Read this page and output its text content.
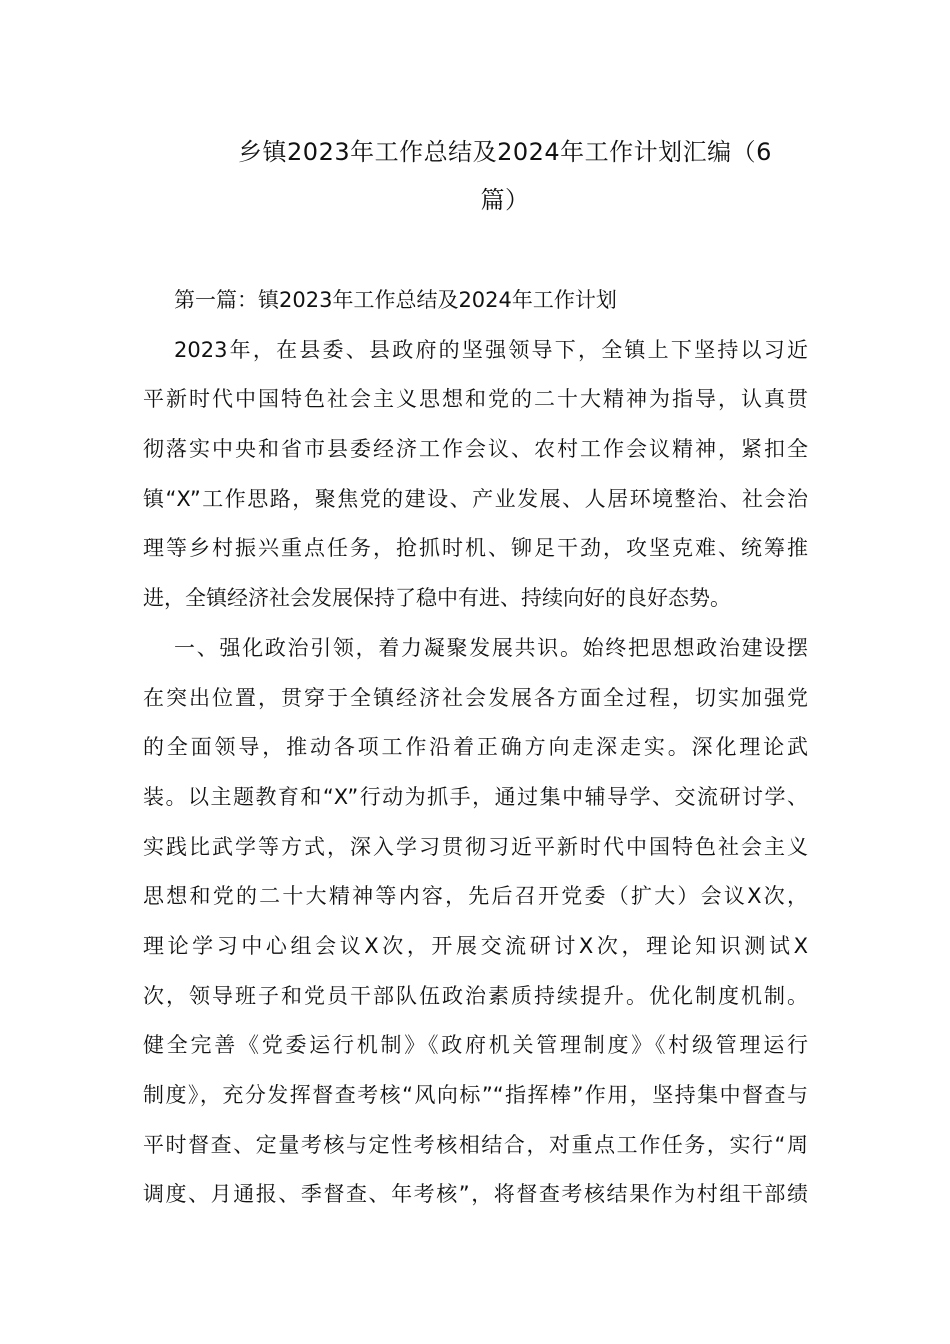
乡镇2023年工作总结及2024年工作计划汇编（6
篇）
第一篇：镇2023年工作总结及2024年工作计划
2023年，在县委、县政府的坚强领导下，全镇上下坚持以习近
平新时代中国特色社会主义思想和党的二十大精神为指导，认真贯
彻落实中央和省市县委经济工作会议、农村工作会议精神，紧扣全
镇“X”工作思路，聚焦党的建设、产业发展、人居环境整治、社会治
理等乡村振兴重点任务，抢抓时机、铆足干劲，攻坚克难、统筹推
进，全镇经济社会发展保持了稳中有进、持续向好的良好态势。
一、强化政治引领，着力凝聚发展共识。始终把思想政治建设摆
在突出位置，贯穿于全镇经济社会发展各方面全过程，切实加强党
的全面领导，推动各项工作沿着正确方向走深走实。深化理论武
装。以主题教育和“X”行动为抓手，通过集中辅导学、交流研讨学、
实践比武学等方式，深入学习贯彻习近平新时代中国特色社会主义
思想和党的二十大精神等内容，先后召开党委（扩大）会议X次，
理论学习中心组会议X次，开展交流研讨X次，理论知识测试X
次，领导班子和党员干部队伍政治素质持续提升。优化制度机制。
健全完善《党委运行机制》《政府机关管理制度》《村级管理运行
制度》，充分发挥督查考核“风向标”“指挥棒”作用，坚持集中督查与
平时督查、定量考核与定性考核相结合，对重点工作任务，实行“周
调度、月通报、季督查、年考核”，将督查考核结果作为村组干部绩
